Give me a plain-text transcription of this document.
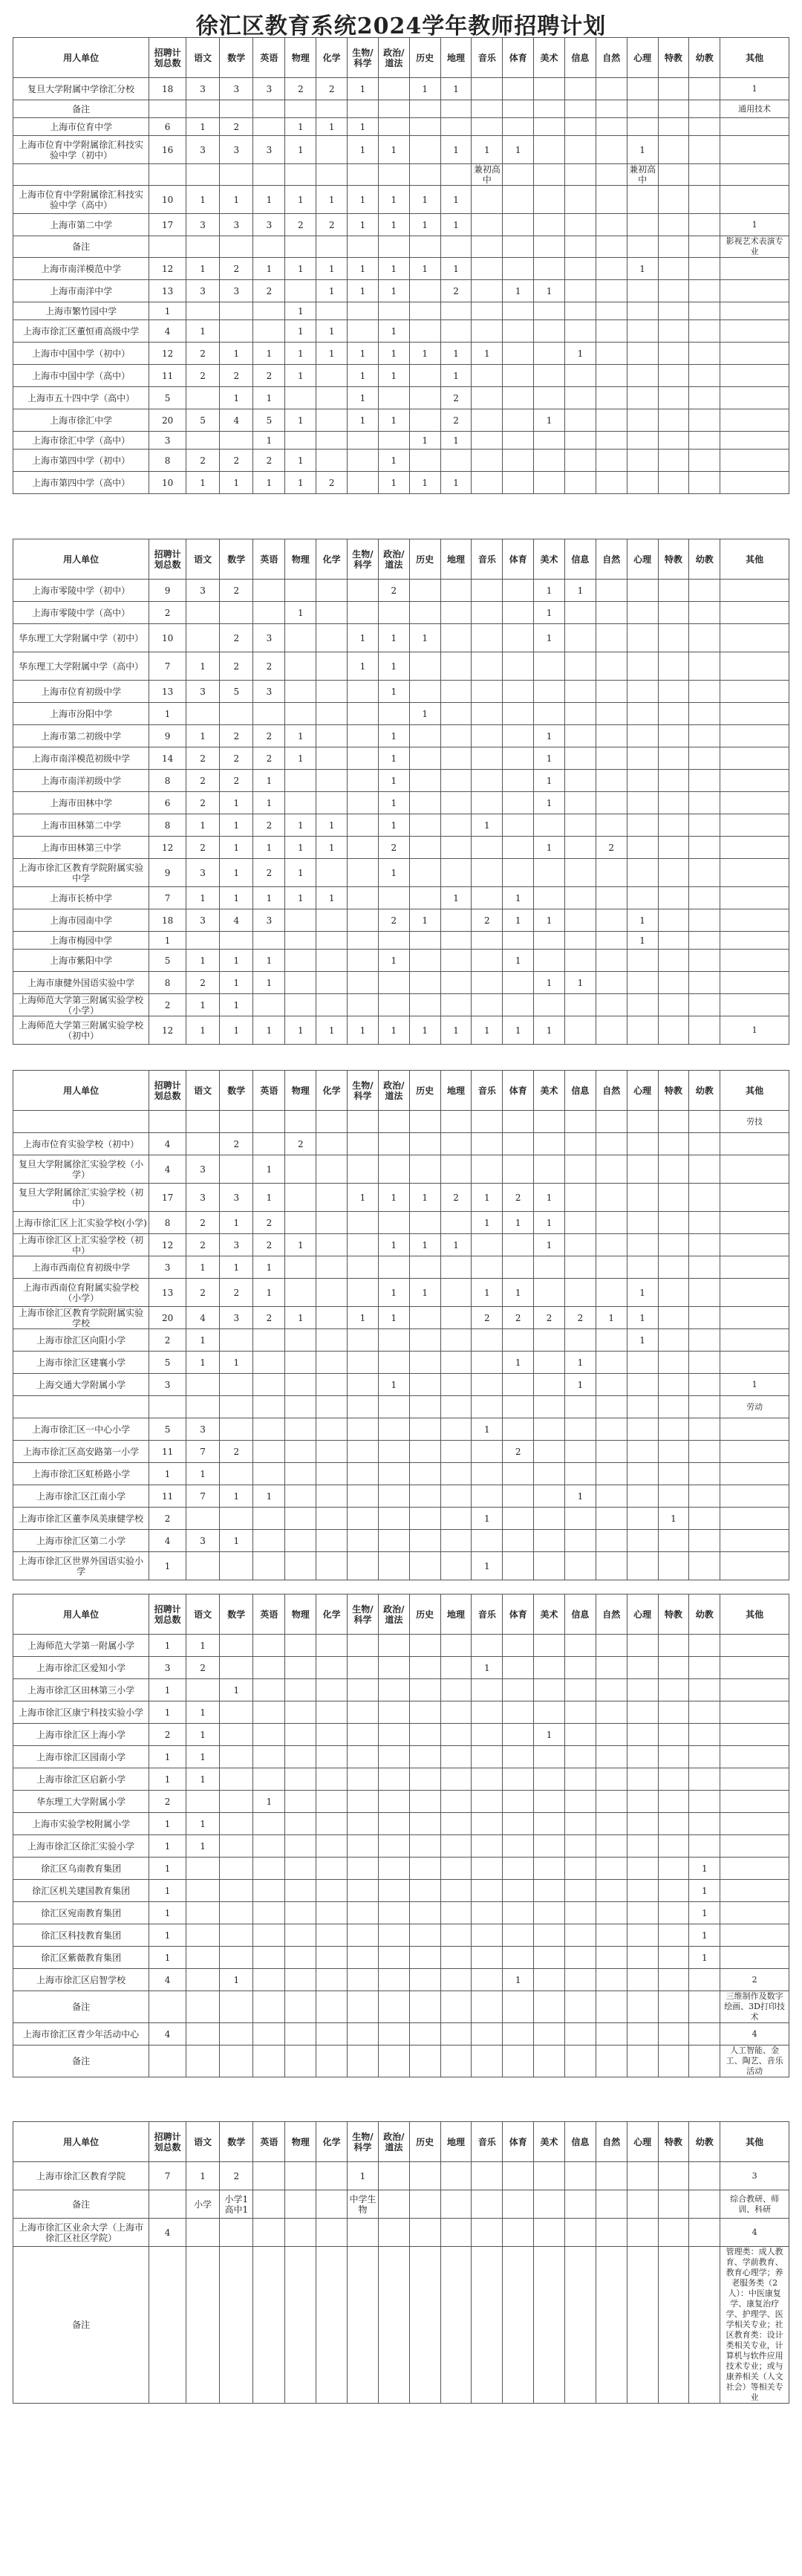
徐汇区教育系统2024学年教师招聘计划
用人单位	招聘计划总数	语文	数学	英语	物理	化学	生物/科学	政治/道法	历史	地理	音乐	体育	美术	信息	自然	心理	特教	幼教	其他
复旦大学附属中学徐汇分校	18	3	3	3	2	2	1		1	1									1
备注																			通用技术
上海市位育中学	6	1	2		1	1	1												
上海市位育中学附属徐汇科技实验中学（初中）	16	3	3	3	1		1	1		1	1	1				1			
											兼初高中					兼初高中			
上海市位育中学附属徐汇科技实验中学（高中）	10	1	1	1	1	1	1	1	1	1									
上海市第二中学	17	3	3	3	2	2	1	1	1	1									1
备注																			影视艺术表演专业
上海市南洋模范中学	12	1	2	1	1	1	1	1	1	1						1			
上海市南洋中学	13	3	3	2		1	1	1		2		1	1						
上海市繁竹园中学	1				1														
上海市徐汇区董恒甫高级中学	4	1			1	1		1											
上海市中国中学（初中）	12	2	1	1	1	1	1	1	1	1	1			1					
上海市中国中学（高中）	11	2	2	2	1		1	1		1									
上海市五十四中学（高中）	5		1	1			1			2									
上海市徐汇中学	20	5	4	5	1		1	1		2			1						
上海市徐汇中学（高中）	3			1					1	1									
上海市第四中学（初中）	8	2	2	2	1			1											
上海市第四中学（高中）	10	1	1	1	1	2		1	1	1									
用人单位	招聘计划总数	语文	数学	英语	物理	化学	生物/科学	政治/道法	历史	地理	音乐	体育	美术	信息	自然	心理	特教	幼教	其他
上海市零陵中学（初中）	9	3	2					2					1	1					
上海市零陵中学（高中）	2				1								1						
华东理工大学附属中学（初中）	10		2	3			1	1	1				1						
华东理工大学附属中学（高中）	7	1	2	2			1	1											
上海市位育初级中学	13	3	5	3				1											
上海市汾阳中学	1								1										
上海市第二初级中学	9	1	2	2	1			1					1						
上海市南洋模范初级中学	14	2	2	2	1			1					1						
上海市南洋初级中学	8	2	2	1				1					1						
上海市田林中学	6	2	1	1				1					1						
上海市田林第二中学	8	1	1	2	1	1		1			1								
上海市田林第三中学	12	2	1	1	1	1		2					1		2				
上海市徐汇区教育学院附属实验中学	9	3	1	2	1			1											
上海市长桥中学	7	1	1	1	1	1				1		1							
上海市园南中学	18	3	4	3				2	1		2	1	1			1			
上海市梅园中学	1															1			
上海市紫阳中学	5	1	1	1				1				1							
上海市康健外国语实验中学	8	2	1	1									1	1					
上海师范大学第三附属实验学校（小学）	2	1	1																
上海师范大学第三附属实验学校（初中）	12	1	1	1	1	1	1	1	1	1	1	1	1						1
用人单位	招聘计划总数	语文	数学	英语	物理	化学	生物/科学	政治/道法	历史	地理	音乐	体育	美术	信息	自然	心理	特教	幼教	其他
																			劳技
上海市位育实验学校（初中）	4		2		2														
复旦大学附属徐汇实验学校（小学）	4	3		1															
复旦大学附属徐汇实验学校（初中）	17	3	3	1			1	1	1	2	1	2	1						
上海市徐汇区上汇实验学校(小学)	8	2	1	2							1	1	1						
上海市徐汇区上汇实验学校（初中）	12	2	3	2	1			1	1	1			1						
上海市西南位育初级中学	3	1	1	1															
上海市西南位育附属实验学校（小学）	13	2	2	1				1	1		1	1				1			
上海市徐汇区教育学院附属实验学校	20	4	3	2	1		1	1			2	2	2	2	1	1			
上海市徐汇区向阳小学	2	1														1			
上海市徐汇区建襄小学	5	1	1									1		1					
上海交通大学附属小学	3							1						1					1
																			劳动
上海市徐汇区一中心小学	5	3									1								
上海市徐汇区高安路第一小学	11	7	2									2							
上海市徐汇区虹桥路小学	1	1																	
上海市徐汇区江南小学	11	7	1	1										1					
上海市徐汇区董李凤美康健学校	2										1						1		
上海市徐汇区第二小学	4	3	1																
上海市徐汇区世界外国语实验小学	1										1								
用人单位	招聘计划总数	语文	数学	英语	物理	化学	生物/科学	政治/道法	历史	地理	音乐	体育	美术	信息	自然	心理	特教	幼教	其他
上海师范大学第一附属小学	1	1																	
上海市徐汇区爱知小学	3	2									1								
上海市徐汇区田林第三小学	1		1																
上海市徐汇区康宁科技实验小学	1	1																	
上海市徐汇区上海小学	2	1											1						
上海市徐汇区园南小学	1	1																	
上海市徐汇区启新小学	1	1																	
华东理工大学附属小学	2			1															
上海市实验学校附属小学	1	1																	
上海市徐汇区徐汇实验小学	1	1																	
徐汇区乌南教育集团	1																	1	
徐汇区机关建国教育集团	1																	1	
徐汇区宛南教育集团	1																	1	
徐汇区科技教育集团	1																	1	
徐汇区紫薇教育集团	1																	1	
上海市徐汇区启智学校	4		1									1							2
备注																			三维制作及数字绘画、3D打印技术
上海市徐汇区青少年活动中心	4																		4
备注																			人工智能、金工、陶艺、音乐活动
用人单位	招聘计划总数	语文	数学	英语	物理	化学	生物/科学	政治/道法	历史	地理	音乐	体育	美术	信息	自然	心理	特教	幼教	其他
上海市徐汇区教育学院	7	1	2				1												3
备注		小学	小学1 高中1				中学生物												综合教研、师训、科研
上海市徐汇区业余大学（上海市徐汇区社区学院）	4																		4
备注																			管理类：成人教育、学前教育、教育心理学；养老服务类（2人）：中医康复学、康复治疗学、护理学、医学相关专业；社区教育类：设计类相关专业，计算机与软件应用技术专业；或与康养相关（人文社会）等相关专业
